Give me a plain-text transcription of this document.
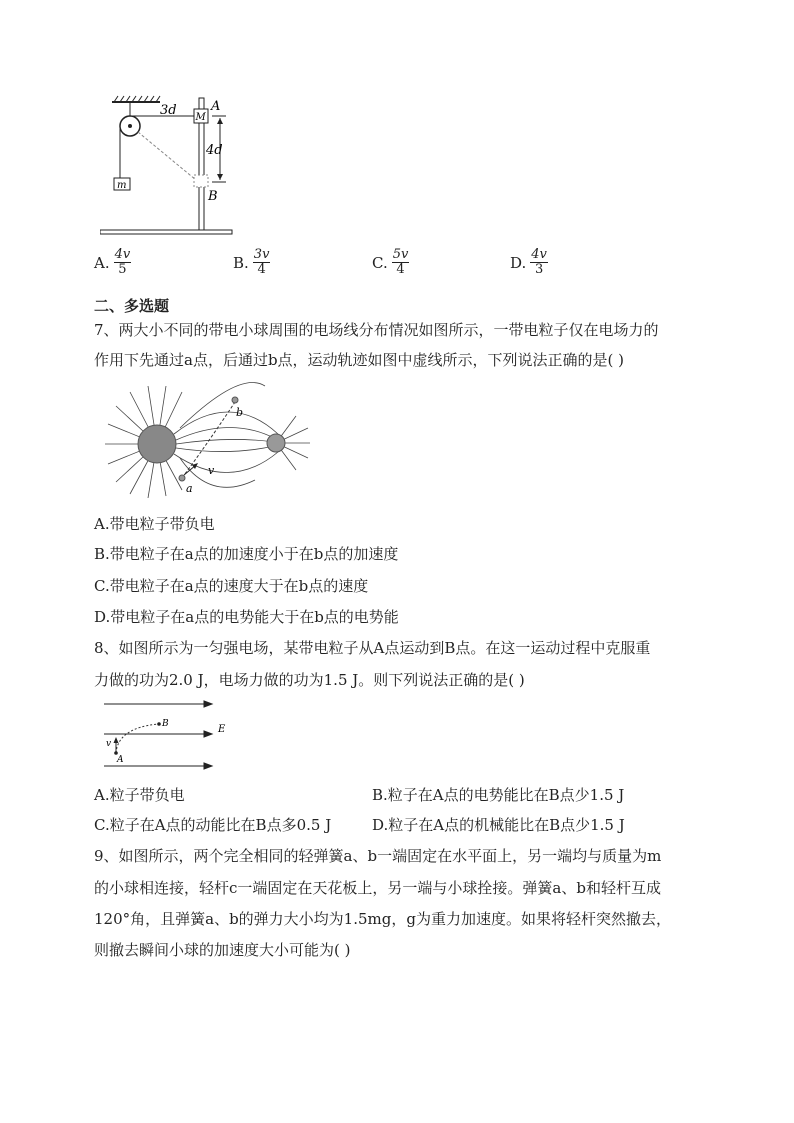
m
M
3d	A
4d
B
A. $\frac{4v}{5}$	B. $\frac{3v}{4}$	C. $\frac{5v}{4}$	D. $\frac{4v}{3}$
二、多选题
7、两大小不同的带电小球周围的电场线分布情况如图所示，一带电粒子仅在电场力的
作用下先通过a点，后通过b点，运动轨迹如图中虚线所示，下列说法正确的是( )
a
b
v
A.带电粒子带负电
B.带电粒子在a点的加速度小于在b点的加速度
C.带电粒子在a点的速度大于在b点的速度
D.带电粒子在a点的电势能大于在b点的电势能
8、如图所示为一匀强电场，某带电粒子从A点运动到B点。在这一运动过程中克服重
力做的功为2.0 J，电场力做的功为1.5 J。则下列说法正确的是( )
B
A
v
E
A.粒子带负电	B.粒子在A点的电势能比在B点少1.5 J
C.粒子在A点的动能比在B点多0.5 J	D.粒子在A点的机械能比在B点少1.5 J
9、如图所示，两个完全相同的轻弹簧a、b一端固定在水平面上，另一端均与质量为m
的小球相连接，轻杆c一端固定在天花板上，另一端与小球拴接。弹簧a、b和轻杆互成
120°角，且弹簧a、b的弹力大小均为1.5mg，g为重力加速度。如果将轻杆突然撤去，
则撤去瞬间小球的加速度大小可能为( )
